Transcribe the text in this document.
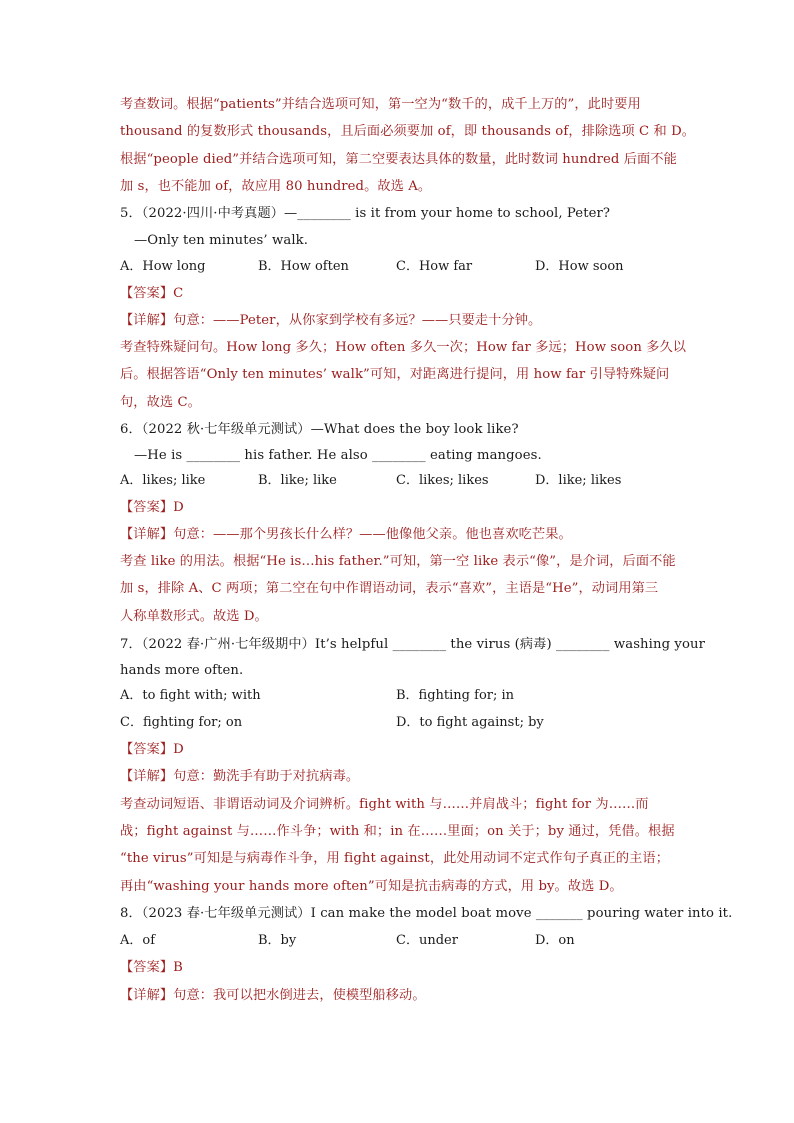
考查数词。根据“patients”并结合选项可知，第一空为“数千的，成千上万的”，此时要用
thousand 的复数形式 thousands，且后面必须要加 of，即 thousands of，排除选项 C 和 D。
根据“people died”并结合选项可知，第二空要表达具体的数量，此时数词 hundred 后面不能
加 s，也不能加 of，故应用 80 hundred。故选 A。
5．（2022·四川·中考真题）—________ is it from your home to school, Peter?
—Only ten minutes’ walk.
A．How long	B．How often	C．How far	D．How soon
【答案】C
【详解】句意：——Peter，从你家到学校有多远？——只要走十分钟。
考查特殊疑问句。How long 多久；How often 多久一次；How far 多远；How soon 多久以
后。根据答语“Only ten minutes’ walk”可知，对距离进行提问，用 how far 引导特殊疑问
句，故选 C。
6．（2022 秋·七年级单元测试）—What does the boy look like?
—He is ________ his father. He also ________ eating mangoes.
A．likes; like	B．like; like	C．likes; likes	D．like; likes
【答案】D
【详解】句意：——那个男孩长什么样？——他像他父亲。他也喜欢吃芒果。
考查 like 的用法。根据“He is…his father.”可知，第一空 like 表示“像”，是介词，后面不能
加 s，排除 A、C 两项；第二空在句中作谓语动词，表示“喜欢”，主语是“He”，动词用第三
人称单数形式。故选 D。
7．（2022 春·广州·七年级期中）It’s helpful ________ the virus (病毒) ________ washing your
hands more often.
A．to fight with; with	B．fighting for; in
C．fighting for; on	D．to fight against; by
【答案】D
【详解】句意：勤洗手有助于对抗病毒。
考查动词短语、非谓语动词及介词辨析。fight with 与……并肩战斗；fight for 为……而
战；fight against 与……作斗争；with 和；in 在……里面；on 关于；by 通过，凭借。根据
“the virus”可知是与病毒作斗争，用 fight against，此处用动词不定式作句子真正的主语；
再由“washing your hands more often”可知是抗击病毒的方式，用 by。故选 D。
8．（2023 春·七年级单元测试）I can make the model boat move _______ pouring water into it.
A．of	B．by	C．under	D．on
【答案】B
【详解】句意：我可以把水倒进去，使模型船移动。
